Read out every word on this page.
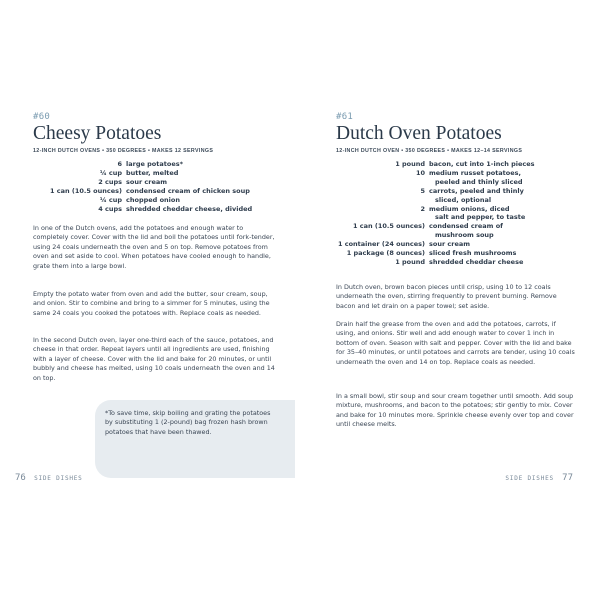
#60
Cheesy Potatoes
12-INCH DUTCH OVENS • 350 DEGREES • MAKES 12 SERVINGS
6 large potatoes*
¼ cup butter, melted
2 cups sour cream
1 can (10.5 ounces) condensed cream of chicken soup
¼ cup chopped onion
4 cups shredded cheddar cheese, divided

In one of the Dutch ovens, add the potatoes and enough water to completely cover. Cover with the lid and boil the potatoes until fork-tender, using 24 coals underneath the oven and 5 on top. Remove potatoes from oven and set aside to cool. When potatoes have cooled enough to handle, grate them into a large bowl.

Empty the potato water from oven and add the butter, sour cream, soup, and onion. Stir to combine and bring to a simmer for 5 minutes, using the same 24 coals you cooked the potatoes with. Replace coals as needed.

In the second Dutch oven, layer one-third each of the sauce, potatoes, and cheese in that order. Repeat layers until all ingredients are used, finishing with a layer of cheese. Cover with the lid and bake for 20 minutes, or until bubbly and cheese has melted, using 10 coals underneath the oven and 14 on top.

*To save time, skip boiling and grating the potatoes by substituting 1 (2-pound) bag frozen hash brown potatoes that have been thawed.

76 SIDE DISHES
#61
Dutch Oven Potatoes
12-INCH DUTCH OVEN • 350 DEGREES • MAKES 12–14 SERVINGS
1 pound bacon, cut into 1-inch pieces
10 medium russet potatoes,
peeled and thinly sliced
5 carrots, peeled and thinly
sliced, optional
2 medium onions, diced
salt and pepper, to taste
1 can (10.5 ounces) condensed cream of
mushroom soup
1 container (24 ounces) sour cream
1 package (8 ounces) sliced fresh mushrooms
1 pound shredded cheddar cheese

In Dutch oven, brown bacon pieces until crisp, using 10 to 12 coals underneath the oven, stirring frequently to prevent burning. Remove bacon and let drain on a paper towel; set aside.

Drain half the grease from the oven and add the potatoes, carrots, if using, and onions. Stir well and add enough water to cover 1 inch in bottom of oven. Season with salt and pepper. Cover with the lid and bake for 35–40 minutes, or until potatoes and carrots are tender, using 10 coals underneath the oven and 14 on top. Replace coals as needed.

In a small bowl, stir soup and sour cream together until smooth. Add soup mixture, mushrooms, and bacon to the potatoes; stir gently to mix. Cover and bake for 10 minutes more. Sprinkle cheese evenly over top and cover until cheese melts.

SIDE DISHES 77
